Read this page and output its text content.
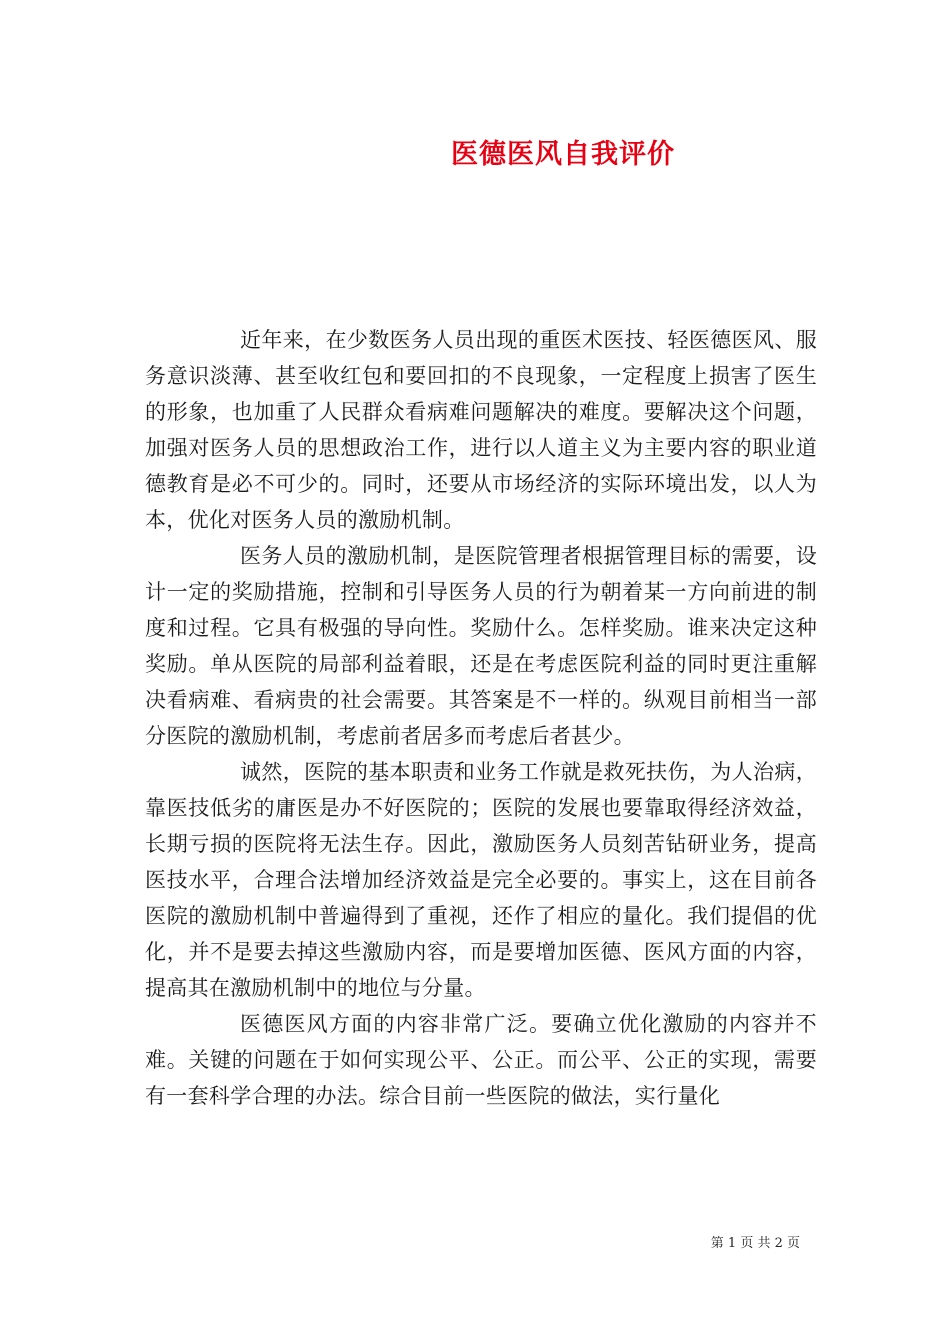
医德医风自我评价

近年来，在少数医务人员出现的重医术医技、轻医德医风、服务意识淡薄、甚至收红包和要回扣的不良现象，一定程度上损害了医生的形象，也加重了人民群众看病难问题解决的难度。要解决这个问题，加强对医务人员的思想政治工作，进行以人道主义为主要内容的职业道德教育是必不可少的。同时，还要从市场经济的实际环境出发，以人为本，优化对医务人员的激励机制。

医务人员的激励机制，是医院管理者根据管理目标的需要，设计一定的奖励措施，控制和引导医务人员的行为朝着某一方向前进的制度和过程。它具有极强的导向性。奖励什么。怎样奖励。谁来决定这种奖励。单从医院的局部利益着眼，还是在考虑医院利益的同时更注重解决看病难、看病贵的社会需要。其答案是不一样的。纵观目前相当一部分医院的激励机制，考虑前者居多而考虑后者甚少。

诚然，医院的基本职责和业务工作就是救死扶伤，为人治病，靠医技低劣的庸医是办不好医院的；医院的发展也要靠取得经济效益，长期亏损的医院将无法生存。因此，激励医务人员刻苦钻研业务，提高医技水平，合理合法增加经济效益是完全必要的。事实上，这在目前各医院的激励机制中普遍得到了重视，还作了相应的量化。我们提倡的优化，并不是要去掉这些激励内容，而是要增加医德、医风方面的内容，提高其在激励机制中的地位与分量。

医德医风方面的内容非常广泛。要确立优化激励的内容并不难。关键的问题在于如何实现公平、公正。而公平、公正的实现，需要有一套科学合理的办法。综合目前一些医院的做法，实行量化

第 1 页 共 2 页
